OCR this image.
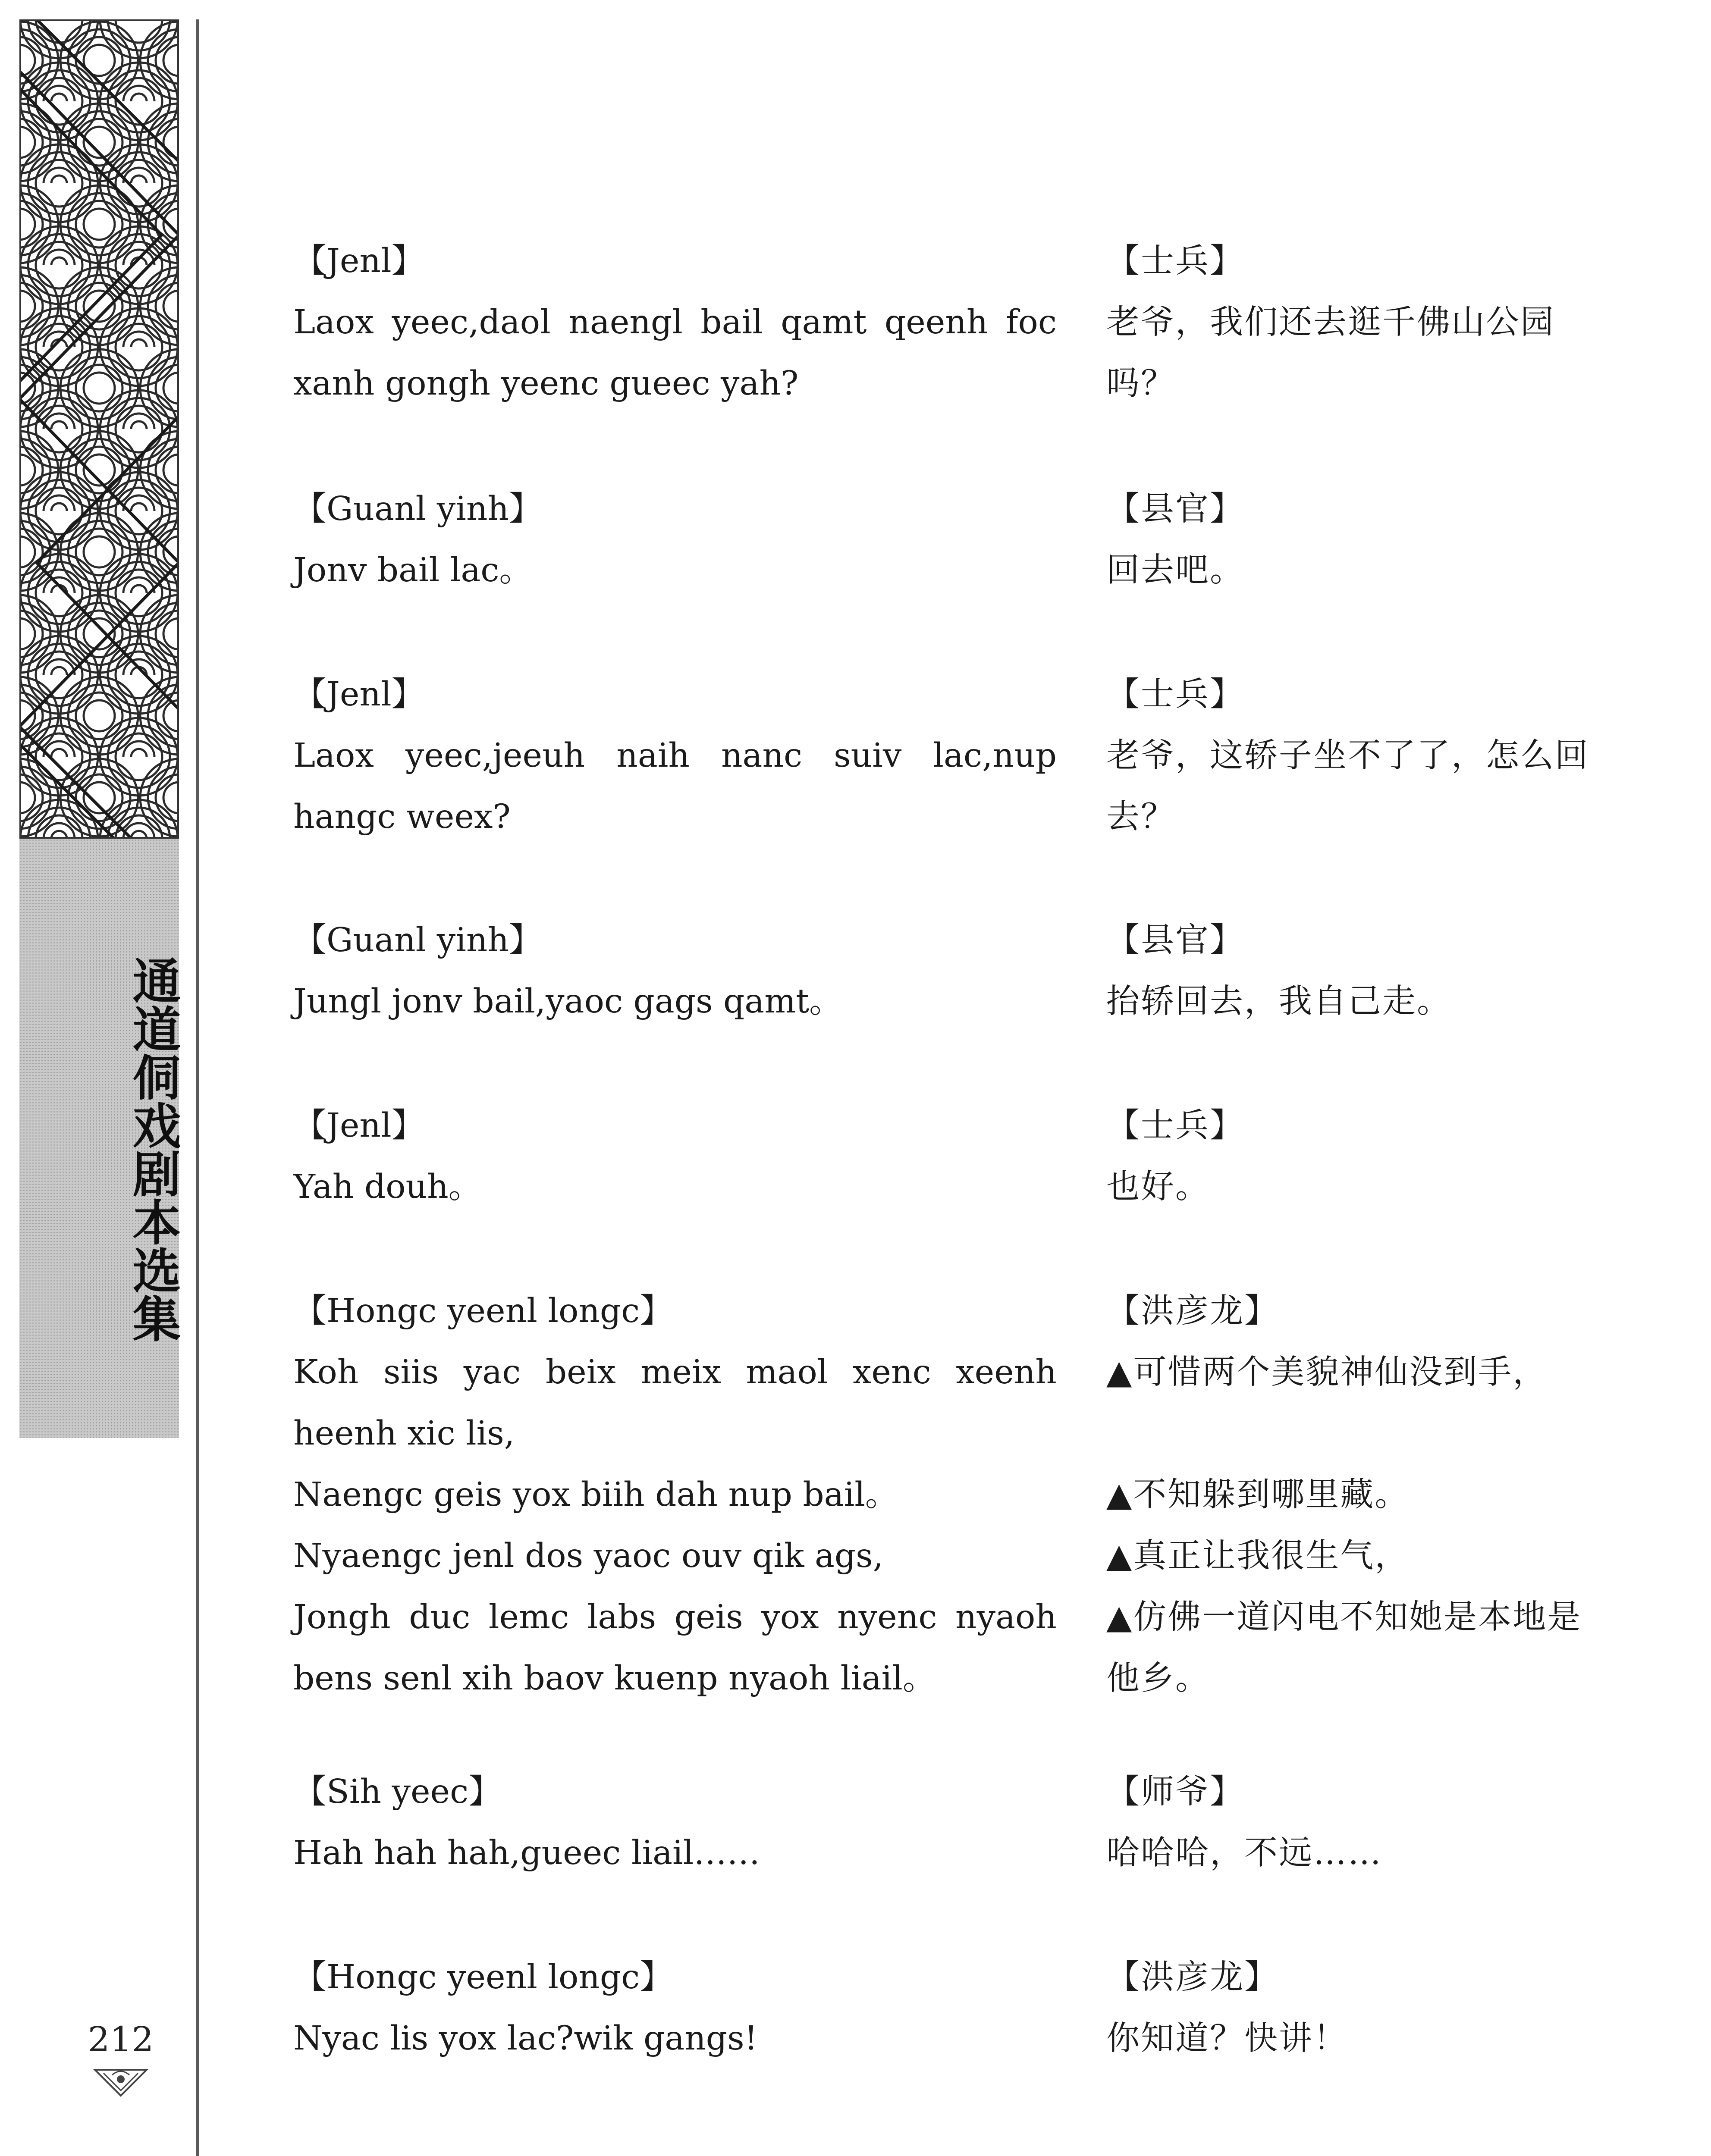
通道侗戏剧本选集
212
【Jenl】
Laox yeec,daol naengl bail qamt qeenh foc xanh gongh yeenc gueec yah?
【士兵】
老爷，我们还去逛千佛山公园吗？
【Guanl yinh】
Jonv bail lac。
【县官】
回去吧。
【Jenl】
Laox yeec,jeeuh naih nanc suiv lac,nup hangc weex?
【士兵】
老爷，这轿子坐不了了，怎么回去？
【Guanl yinh】
Jungl jonv bail,yaoc gags qamt。
【县官】
抬轿回去，我自己走。
【Jenl】
Yah douh。
【士兵】
也好。
【Hongc yeenl longc】
Koh siis yac beix meix maol xenc xeenh heenh xic lis,
Naengc geis yox biih dah nup bail。
Nyaengc jenl dos yaoc ouv qik ags,
Jongh duc lemc labs geis yox nyenc nyaoh bens senl xih baov kuenp nyaoh liail。
【洪彦龙】
▲可惜两个美貌神仙没到手，
▲不知躲到哪里藏。
▲真正让我很生气，
▲仿佛一道闪电不知她是本地是他乡。
【Sih yeec】
Hah hah hah,gueec liail……
【师爷】
哈哈哈，不远……
【Hongc yeenl longc】
Nyac lis yox lac?wik gangs!
【洪彦龙】
你知道？快讲！
